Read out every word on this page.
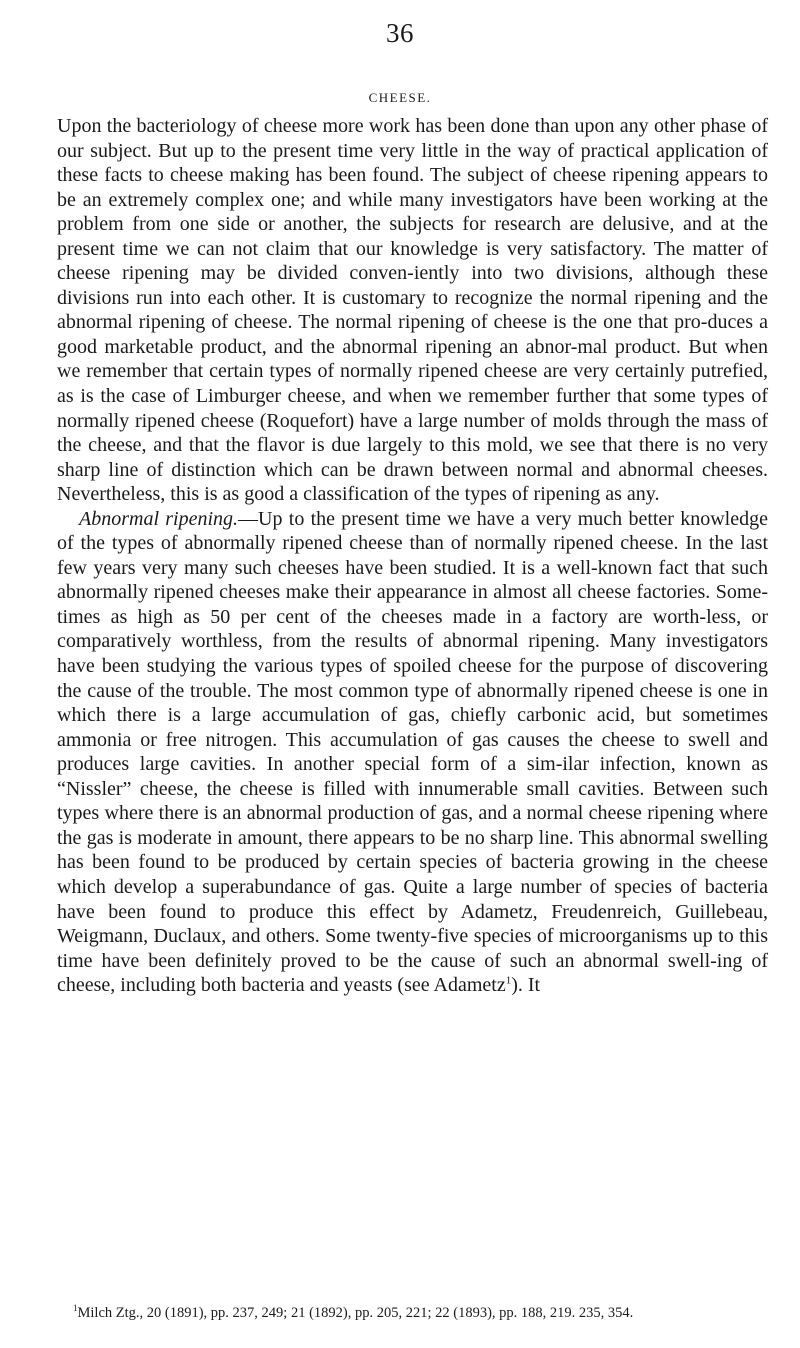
36
CHEESE.

Upon the bacteriology of cheese more work has been done than upon any other phase of our subject. But up to the present time very little in the way of practical application of these facts to cheese making has been found. The subject of cheese ripening appears to be an extremely complex one; and while many investigators have been working at the problem from one side or another, the subjects for research are delusive, and at the present time we can not claim that our knowledge is very satisfactory. The matter of cheese ripening may be divided conven-iently into two divisions, although these divisions run into each other. It is customary to recognize the normal ripening and the abnormal ripening of cheese. The normal ripening of cheese is the one that pro-duces a good marketable product, and the abnormal ripening an abnor-mal product. But when we remember that certain types of normally ripened cheese are very certainly putrefied, as is the case of Limburger cheese, and when we remember further that some types of normally ripened cheese (Roquefort) have a large number of molds through the mass of the cheese, and that the flavor is due largely to this mold, we see that there is no very sharp line of distinction which can be drawn between normal and abnormal cheeses. Nevertheless, this is as good a classification of the types of ripening as any.

Abnormal ripening.—Up to the present time we have a very much better knowledge of the types of abnormally ripened cheese than of normally ripened cheese. In the last few years very many such cheeses have been studied. It is a well-known fact that such abnormally ripened cheeses make their appearance in almost all cheese factories. Some-times as high as 50 per cent of the cheeses made in a factory are worth-less, or comparatively worthless, from the results of abnormal ripening. Many investigators have been studying the various types of spoiled cheese for the purpose of discovering the cause of the trouble. The most common type of abnormally ripened cheese is one in which there is a large accumulation of gas, chiefly carbonic acid, but sometimes ammonia or free nitrogen. This accumulation of gas causes the cheese to swell and produces large cavities. In another special form of a sim-ilar infection, known as “Nissler” cheese, the cheese is filled with innumerable small cavities. Between such types where there is an abnormal production of gas, and a normal cheese ripening where the gas is moderate in amount, there appears to be no sharp line. This abnormal swelling has been found to be produced by certain species of bacteria growing in the cheese which develop a superabundance of gas. Quite a large number of species of bacteria have been found to produce this effect by Adametz, Freudenreich, Guillebeau, Weigmann, Duclaux, and others. Some twenty-five species of microorganisms up to this time have been definitely proved to be the cause of such an abnormal swell-ing of cheese, including both bacteria and yeasts (see Adametz$^1$). It

$^1$Milch Ztg., 20 (1891), pp. 237, 249; 21 (1892), pp. 205, 221; 22 (1893), pp. 188, 219. 235, 354.
